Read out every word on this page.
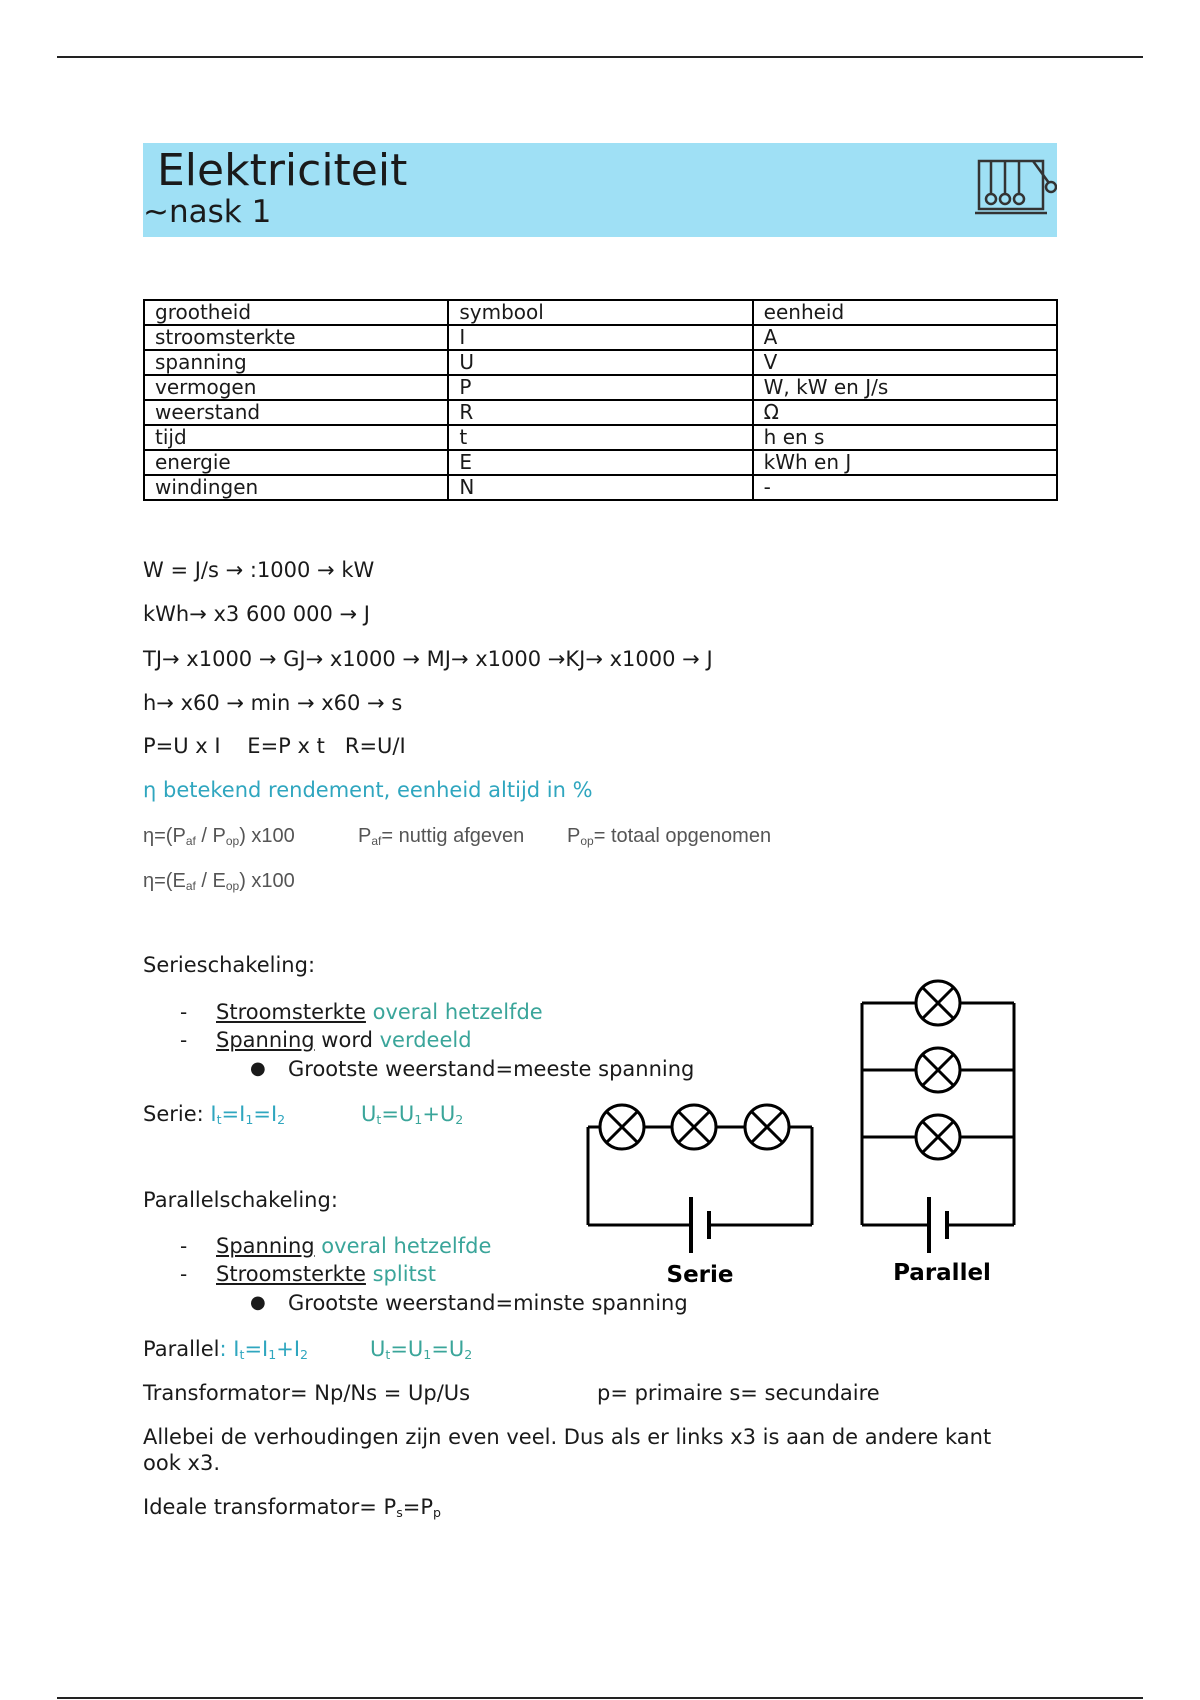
Elektriciteit
~nask 1
grootheid	symbool	eenheid
stroomsterkte	I	A
spanning	U	V
vermogen	P	W, kW en J/s
weerstand	R	Ω
tijd	t	h en s
energie	E	kWh en J
windingen	N	-
W = J/s → :1000 → kW
kWh→ x3 600 000 → J
TJ→ x1000 → GJ→ x1000 → MJ→ x1000 →KJ→ x1000 → J
h→ x60 → min → x60 → s
P=U x I    E=P x t   R=U/I
η betekend rendement, eenheid altijd in %
$\eta=(P_{af} / P_{op})$ x100	$P_{af}=$ nuttig afgeven $P_{op}=$ totaal opgenomen
$\eta=(E_{af} / E_{op})$ x100
Serieschakeling:
- Stroomsterkte overal hetzelfde
- Spanning word verdeeld
● Grootste weerstand=meeste spanning
Serie: $I_t=I_1=I_2$	$U_t=U_1+U_2$
Parallelschakeling:
- Spanning overal hetzelfde
- Stroomsterkte splitst
● Grootste weerstand=minste spanning
Parallel: $I_t=I_1+I_2$	$U_t=U_1=U_2$
Serie	Parallel
Transformator= Np/Ns = Up/Us	p= primaire s= secundaire
Allebei de verhoudingen zijn even veel. Dus als er links x3 is aan de andere kant
ook x3.
Ideale transformator= $P_s=P_p$
